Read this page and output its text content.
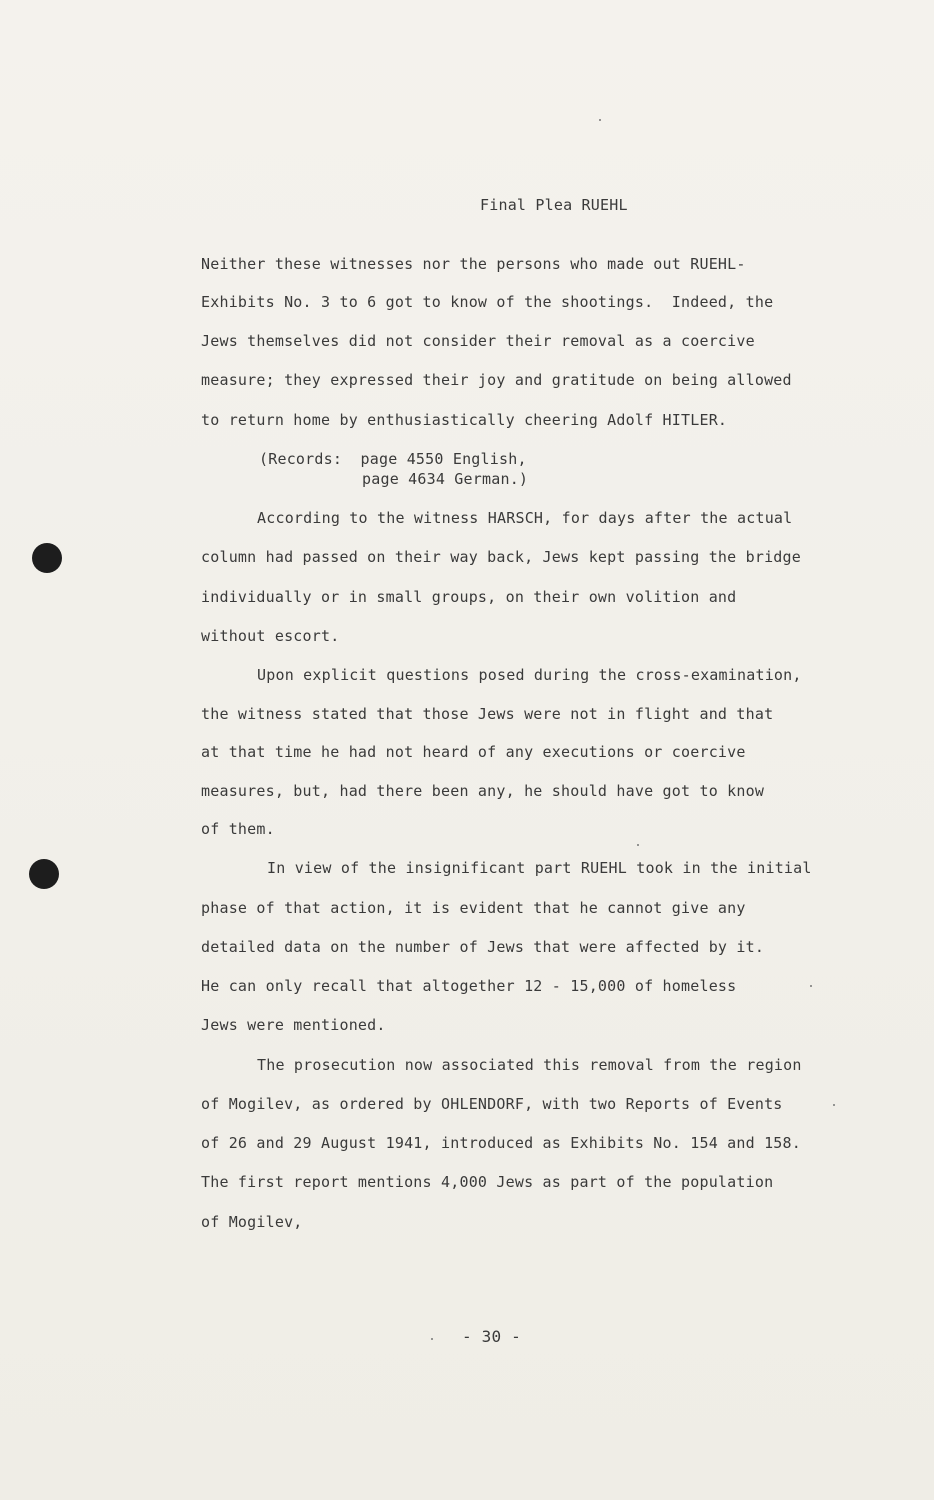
Final Plea RUEHL
Neither these witnesses nor the persons who made out RUEHL-
Exhibits No. 3 to 6 got to know of the shootings.  Indeed, the
Jews themselves did not consider their removal as a coercive
measure; they expressed their joy and gratitude on being allowed
to return home by enthusiastically cheering Adolf HITLER.
(Records:  page 4550 English,
page 4634 German.)
According to the witness HARSCH, for days after the actual
column had passed on their way back, Jews kept passing the bridge
individually or in small groups, on their own volition and
without escort.
Upon explicit questions posed during the cross-examination,
the witness stated that those Jews were not in flight and that
at that time he had not heard of any executions or coercive
measures, but, had there been any, he should have got to know
of them.
In view of the insignificant part RUEHL took in the initial
phase of that action, it is evident that he cannot give any
detailed data on the number of Jews that were affected by it.
He can only recall that altogether 12 - 15,000 of homeless
Jews were mentioned.
The prosecution now associated this removal from the region
of Mogilev, as ordered by OHLENDORF, with two Reports of Events
of 26 and 29 August 1941, introduced as Exhibits No. 154 and 158.
The first report mentions 4,000 Jews as part of the population
of Mogilev,
- 30 -
